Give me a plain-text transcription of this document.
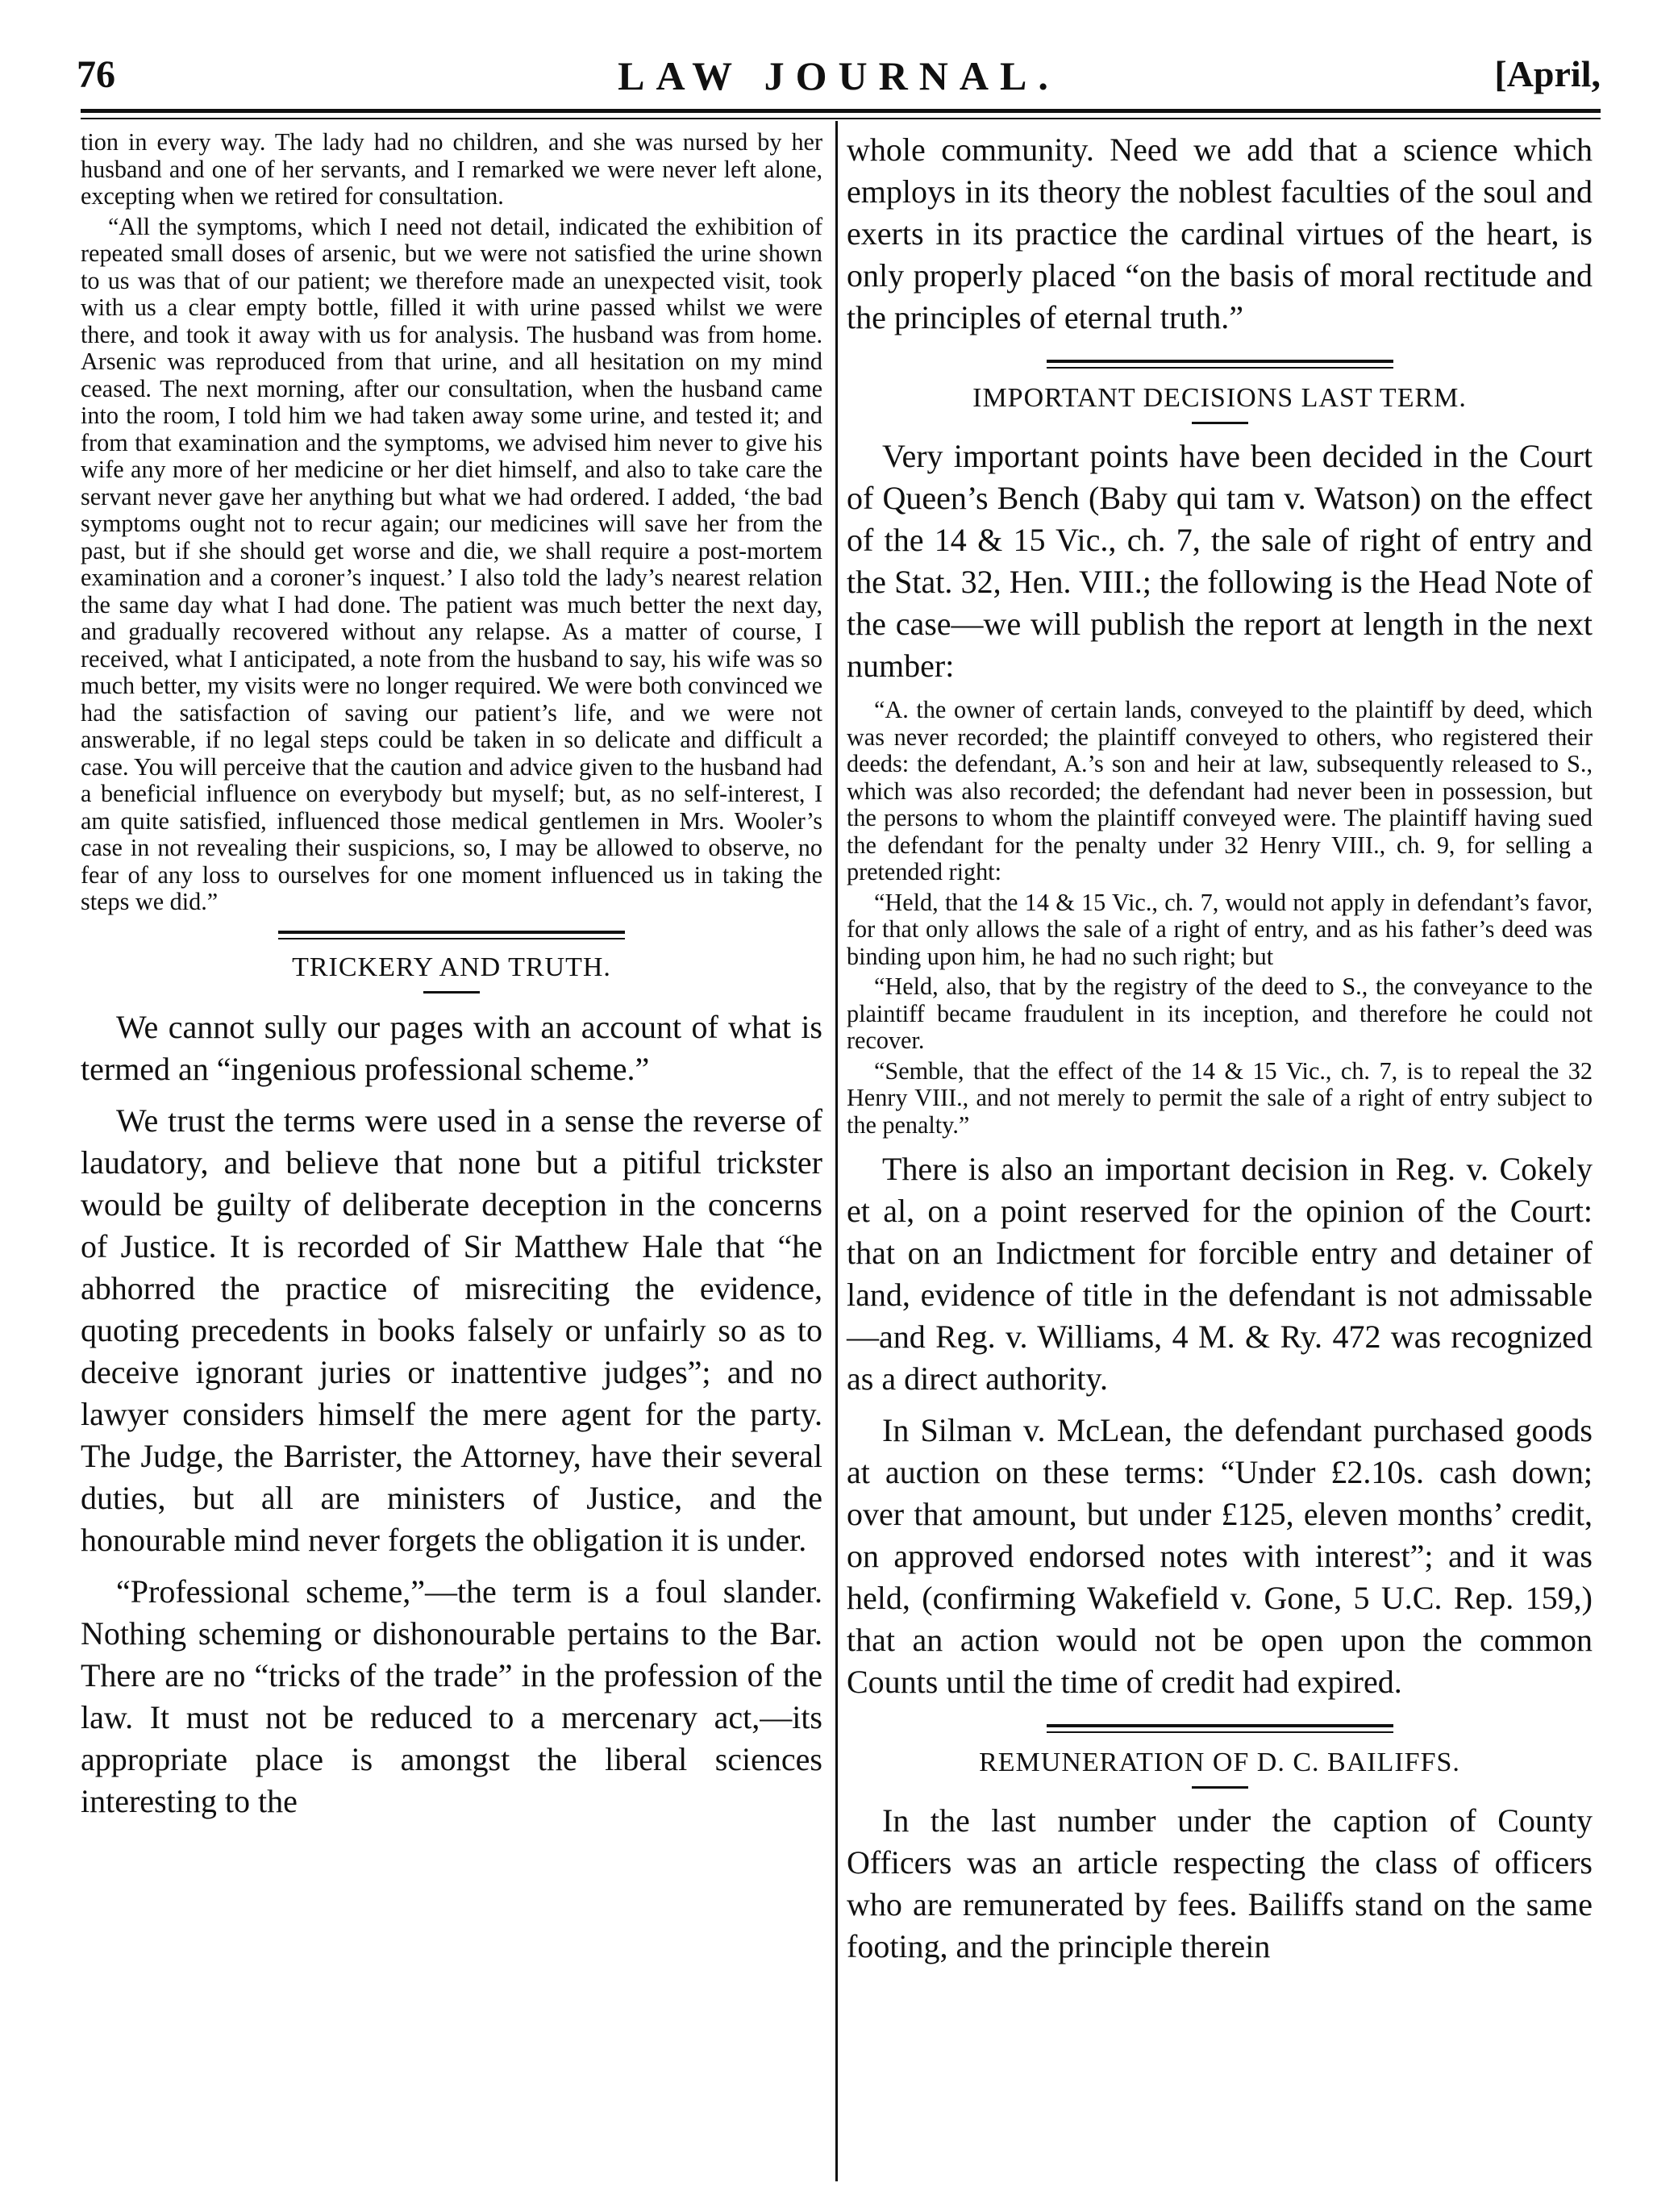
76	LAW JOURNAL.	[April,

tion in every way. The lady had no children, and she was nursed by her husband and one of her servants, and I remarked we were never left alone, excepting when we retired for consultation.

“All the symptoms, which I need not detail, indicated the exhibition of repeated small doses of arsenic, but we were not satisfied the urine shown to us was that of our patient; we therefore made an unexpected visit, took with us a clear empty bottle, filled it with urine passed whilst we were there, and took it away with us for analysis. The husband was from home. Arsenic was reproduced from that urine, and all hesitation on my mind ceased. The next morning, after our consultation, when the husband came into the room, I told him we had taken away some urine, and tested it; and from that examination and the symptoms, we advised him never to give his wife any more of her medicine or her diet himself, and also to take care the servant never gave her anything but what we had ordered. I added, ‘the bad symptoms ought not to recur again; our medicines will save her from the past, but if she should get worse and die, we shall require a post-mortem examination and a coroner’s inquest.’ I also told the lady’s nearest relation the same day what I had done. The patient was much better the next day, and gradually recovered without any relapse. As a matter of course, I received, what I anticipated, a note from the husband to say, his wife was so much better, my visits were no longer required. We were both convinced we had the satisfaction of saving our patient’s life, and we were not answerable, if no legal steps could be taken in so delicate and difficult a case. You will perceive that the caution and advice given to the husband had a beneficial influence on everybody but myself; but, as no self-interest, I am quite satisfied, influenced those medical gentlemen in Mrs. Wooler’s case in not revealing their suspicions, so, I may be allowed to observe, no fear of any loss to ourselves for one moment influenced us in taking the steps we did.”

TRICKERY AND TRUTH.

We cannot sully our pages with an account of what is termed an “ingenious professional scheme.”

We trust the terms were used in a sense the reverse of laudatory, and believe that none but a pitiful trickster would be guilty of deliberate deception in the concerns of Justice. It is recorded of Sir Matthew Hale that “he abhorred the practice of misreciting the evidence, quoting precedents in books falsely or unfairly so as to deceive ignorant juries or inattentive judges”; and no lawyer considers himself the mere agent for the party. The Judge, the Barrister, the Attorney, have their several duties, but all are ministers of Justice, and the honourable mind never forgets the obligation it is under.

“Professional scheme,”—the term is a foul slander. Nothing scheming or dishonourable pertains to the Bar. There are no “tricks of the trade” in the profession of the law. It must not be reduced to a mercenary act,—its appropriate place is amongst the liberal sciences interesting to the

whole community. Need we add that a science which employs in its theory the noblest faculties of the soul and exerts in its practice the cardinal virtues of the heart, is only properly placed “on the basis of moral rectitude and the principles of eternal truth.”

IMPORTANT DECISIONS LAST TERM.

Very important points have been decided in the Court of Queen’s Bench (Baby qui tam v. Watson) on the effect of the 14 & 15 Vic., ch. 7, the sale of right of entry and the Stat. 32, Hen. VIII.; the following is the Head Note of the case—we will publish the report at length in the next number:

“A. the owner of certain lands, conveyed to the plaintiff by deed, which was never recorded; the plaintiff conveyed to others, who registered their deeds: the defendant, A.’s son and heir at law, subsequently released to S., which was also recorded; the defendant had never been in possession, but the persons to whom the plaintiff conveyed were. The plaintiff having sued the defendant for the penalty under 32 Henry VIII., ch. 9, for selling a pretended right:

“Held, that the 14 & 15 Vic., ch. 7, would not apply in defendant’s favor, for that only allows the sale of a right of entry, and as his father’s deed was binding upon him, he had no such right; but

“Held, also, that by the registry of the deed to S., the conveyance to the plaintiff became fraudulent in its inception, and therefore he could not recover.

“Semble, that the effect of the 14 & 15 Vic., ch. 7, is to repeal the 32 Henry VIII., and not merely to permit the sale of a right of entry subject to the penalty.”

There is also an important decision in Reg. v. Cokely et al, on a point reserved for the opinion of the Court: that on an Indictment for forcible entry and detainer of land, evidence of title in the defendant is not admissable—and Reg. v. Williams, 4 M. & Ry. 472 was recognized as a direct authority.

In Silman v. McLean, the defendant purchased goods at auction on these terms: “Under £2.10s. cash down; over that amount, but under £125, eleven months’ credit, on approved endorsed notes with interest”; and it was held, (confirming Wakefield v. Gone, 5 U.C. Rep. 159,) that an action would not be open upon the common Counts until the time of credit had expired.

REMUNERATION OF D. C. BAILIFFS.

In the last number under the caption of County Officers was an article respecting the class of officers who are remunerated by fees. Bailiffs stand on the same footing, and the principle therein
